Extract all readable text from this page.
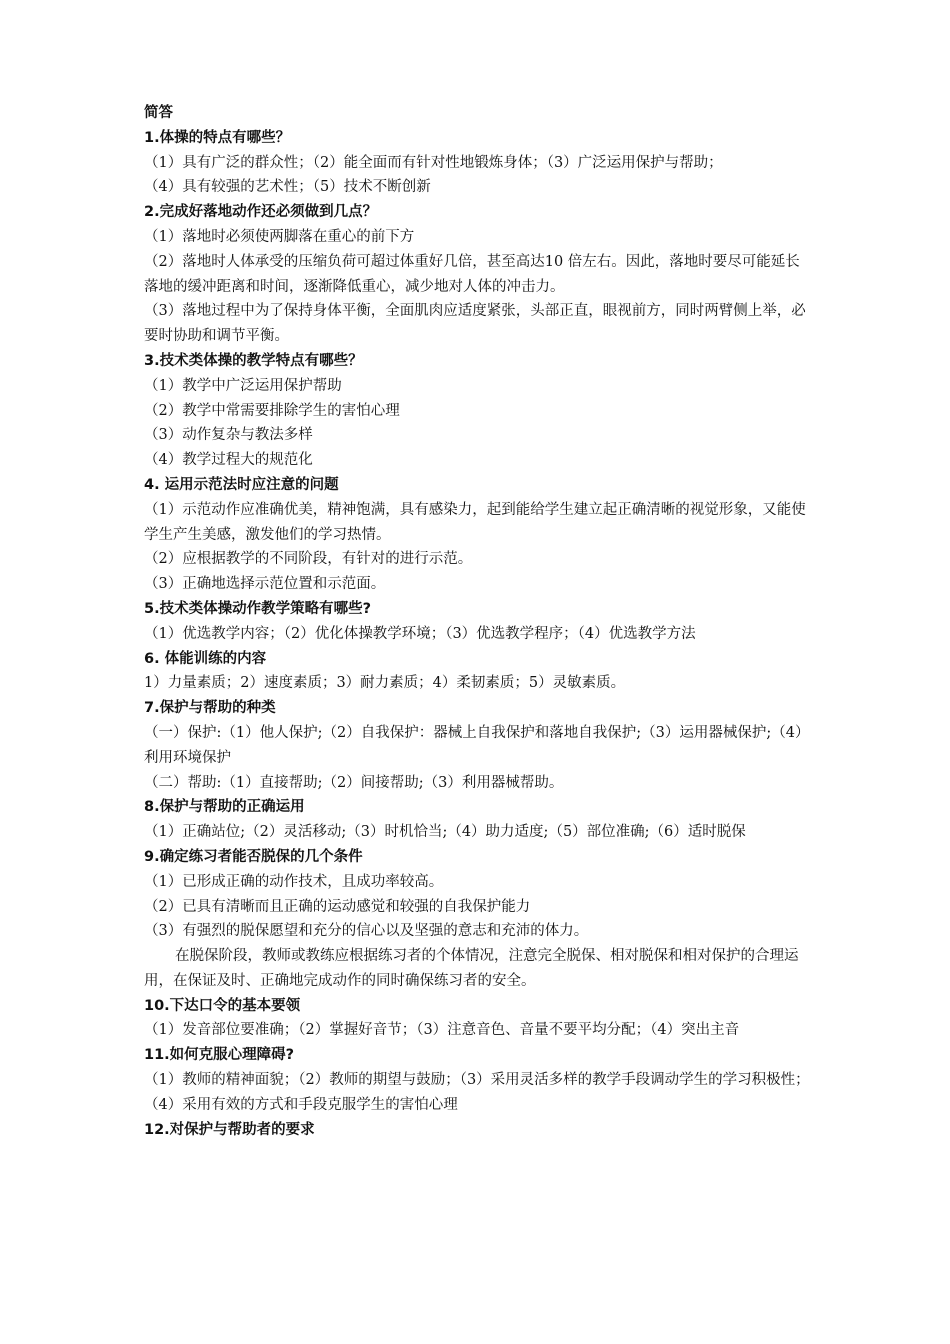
简答
1.体操的特点有哪些？
（1）具有广泛的群众性；（2）能全面而有针对性地锻炼身体；（3）广泛运用保护与帮助；
（4）具有较强的艺术性；（5）技术不断创新
2.完成好落地动作还必须做到几点？
（1）落地时必须使两脚落在重心的前下方
（2）落地时人体承受的压缩负荷可超过体重好几倍，甚至高达10 倍左右。因此，落地时要尽可能延长落地的缓冲距离和时间，逐渐降低重心，减少地对人体的冲击力。
（3）落地过程中为了保持身体平衡，全面肌肉应适度紧张，头部正直，眼视前方，同时两臂侧上举，必要时协助和调节平衡。
3.技术类体操的教学特点有哪些？
（1）教学中广泛运用保护帮助
（2）教学中常需要排除学生的害怕心理
（3）动作复杂与教法多样
（4）教学过程大的规范化
4. 运用示范法时应注意的问题
（1）示范动作应准确优美，精神饱满，具有感染力，起到能给学生建立起正确清晰的视觉形象，又能使学生产生美感，激发他们的学习热情。
（2）应根据教学的不同阶段，有针对的进行示范。
（3）正确地选择示范位置和示范面。
5.技术类体操动作教学策略有哪些?
（1）优选教学内容；（2）优化体操教学环境；（3）优选教学程序；（4）优选教学方法
6. 体能训练的内容
1）力量素质；2）速度素质；3）耐力素质；4）柔韧素质；5）灵敏素质。
7.保护与帮助的种类
（一）保护:（1）他人保护;（2）自我保护：器械上自我保护和落地自我保护;（3）运用器械保护;（4）利用环境保护
（二）帮助:（1）直接帮助;（2）间接帮助;（3）利用器械帮助。
8.保护与帮助的正确运用
（1）正确站位;（2）灵活移动;（3）时机恰当;（4）助力适度;（5）部位准确;（6）适时脱保
9.确定练习者能否脱保的几个条件
（1）已形成正确的动作技术，且成功率较高。
（2）已具有清晰而且正确的运动感觉和较强的自我保护能力
（3）有强烈的脱保愿望和充分的信心以及坚强的意志和充沛的体力。
在脱保阶段，教师或教练应根据练习者的个体情况，注意完全脱保、相对脱保和相对保护的合理运用，在保证及时、正确地完成动作的同时确保练习者的安全。
10.下达口令的基本要领
（1）发音部位要准确；（2）掌握好音节；（3）注意音色、音量不要平均分配；（4）突出主音
11.如何克服心理障碍?
（1）教师的精神面貌；（2）教师的期望与鼓励；（3）采用灵活多样的教学手段调动学生的学习积极性；（4）采用有效的方式和手段克服学生的害怕心理
12.对保护与帮助者的要求
